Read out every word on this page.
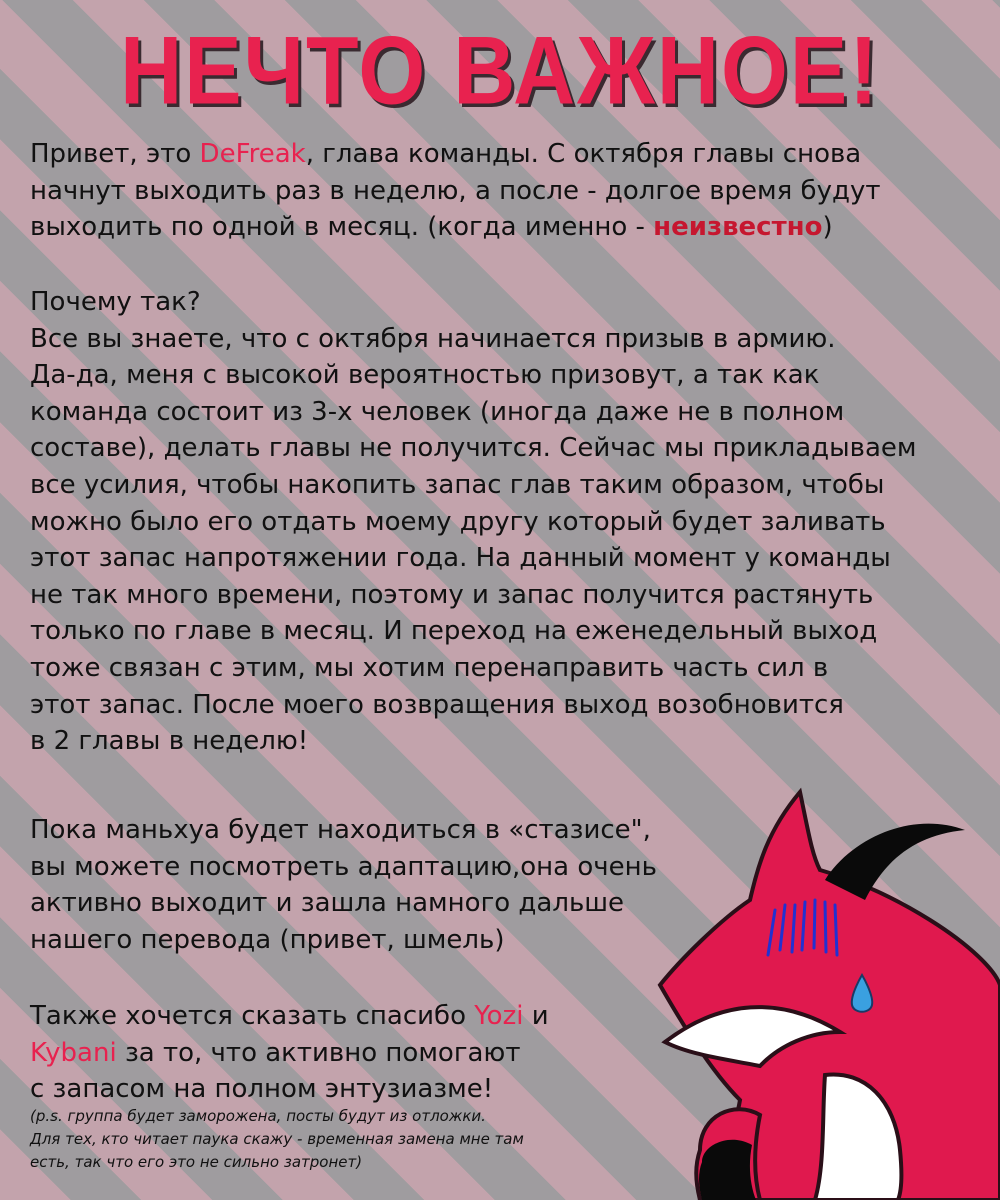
НЕЧТО ВАЖНОЕ!
Привет, это DeFreak, глава команды. С октября главы снова
начнут выходить раз в неделю, а после - долгое время будут
выходить по одной в месяц. (когда именно - неизвестно)
Почему так?
Все вы знаете, что с октября начинается призыв в армию.
Да-да, меня с высокой вероятностью призовут, а так как
команда состоит из 3-х человек (иногда даже не в полном
составе), делать главы не получится. Сейчас мы прикладываем
все усилия, чтобы накопить запас глав таким образом, чтобы
можно было его отдать моему другу который будет заливать
этот запас напротяжении года. На данный момент у команды
не так много времени, поэтому и запас получится растянуть
только по главе в месяц. И переход на еженедельный выход
тоже связан с этим, мы хотим перенаправить часть сил в
этот запас. После моего возвращения выход возобновится
в 2 главы в неделю!
Пока маньхуа будет находиться в «стазисе",
вы можете посмотреть адаптацию,она очень
активно выходит и зашла намного дальше
нашего перевода (привет, шмель)
Также хочется сказать спасибо Yozi и
Kybani за то, что активно помогают
с запасом на полном энтузиазме!
(p.s. группа будет заморожена, посты будут из отложки.
Для тех, кто читает паука скажу - временная замена мне там
есть, так что его это не сильно затронет)
